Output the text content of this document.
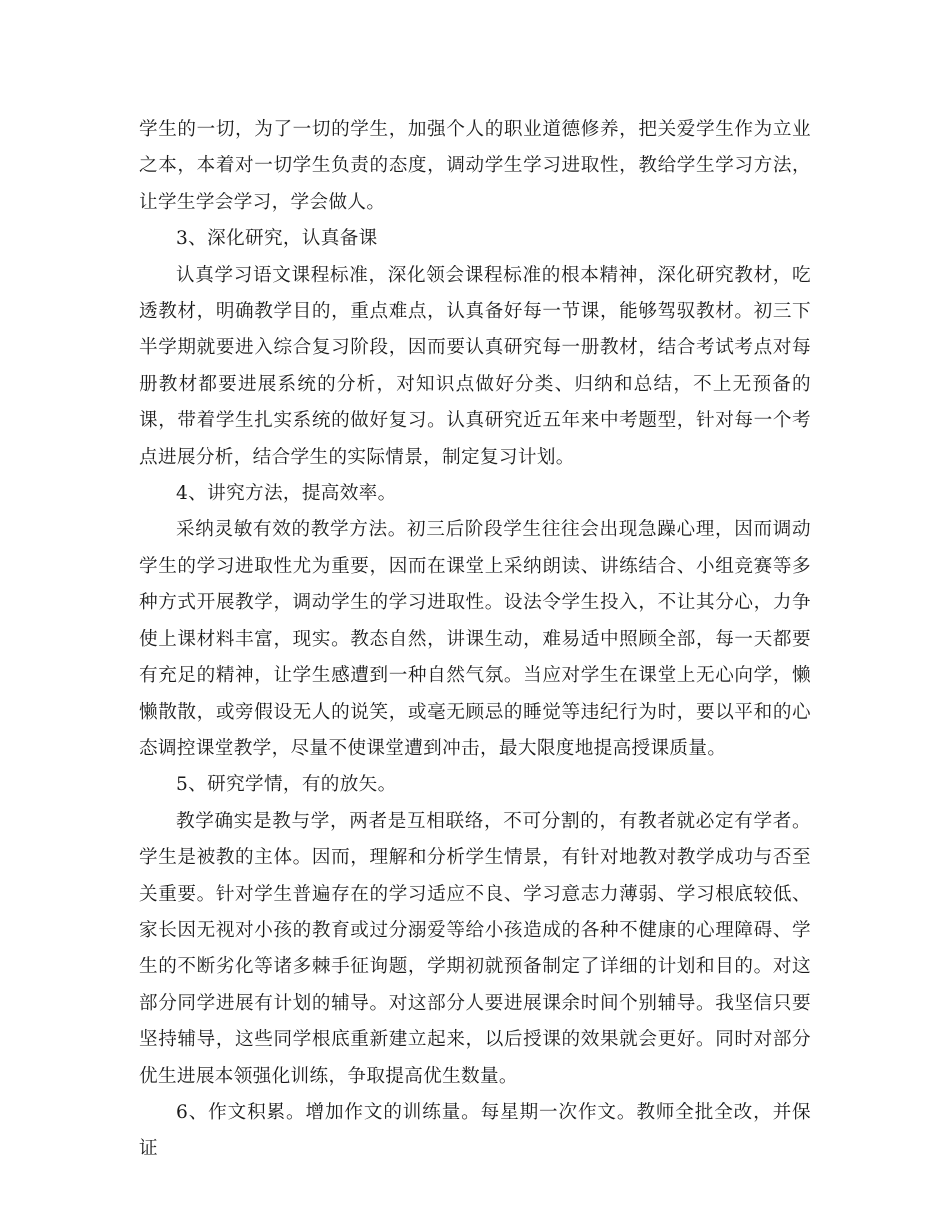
学生的一切，为了一切的学生，加强个人的职业道德修养，把关爱学生作为立业之本，本着对一切学生负责的态度，调动学生学习进取性，教给学生学习方法，让学生学会学习，学会做人。

3、深化研究，认真备课

认真学习语文课程标准，深化领会课程标准的根本精神，深化研究教材，吃透教材，明确教学目的，重点难点，认真备好每一节课，能够驾驭教材。初三下半学期就要进入综合复习阶段，因而要认真研究每一册教材，结合考试考点对每册教材都要进展系统的分析，对知识点做好分类、归纳和总结，不上无预备的课，带着学生扎实系统的做好复习。认真研究近五年来中考题型，针对每一个考点进展分析，结合学生的实际情景，制定复习计划。

4、讲究方法，提高效率。

采纳灵敏有效的教学方法。初三后阶段学生往往会出现急躁心理，因而调动学生的学习进取性尤为重要，因而在课堂上采纳朗读、讲练结合、小组竞赛等多种方式开展教学，调动学生的学习进取性。设法令学生投入，不让其分心，力争使上课材料丰富，现实。教态自然，讲课生动，难易适中照顾全部，每一天都要有充足的精神，让学生感遭到一种自然气氛。当应对学生在课堂上无心向学，懒懒散散，或旁假设无人的说笑，或毫无顾忌的睡觉等违纪行为时，要以平和的心态调控课堂教学，尽量不使课堂遭到冲击，最大限度地提高授课质量。

5、研究学情，有的放矢。

教学确实是教与学，两者是互相联络，不可分割的，有教者就必定有学者。学生是被教的主体。因而，理解和分析学生情景，有针对地教对教学成功与否至关重要。针对学生普遍存在的学习适应不良、学习意志力薄弱、学习根底较低、家长因无视对小孩的教育或过分溺爱等给小孩造成的各种不健康的心理障碍、学生的不断劣化等诸多棘手征询题，学期初就预备制定了详细的计划和目的。对这部分同学进展有计划的辅导。对这部分人要进展课余时间个别辅导。我坚信只要坚持辅导，这些同学根底重新建立起来，以后授课的效果就会更好。同时对部分优生进展本领强化训练，争取提高优生数量。

6、作文积累。增加作文的训练量。每星期一次作文。教师全批全改，并保证
